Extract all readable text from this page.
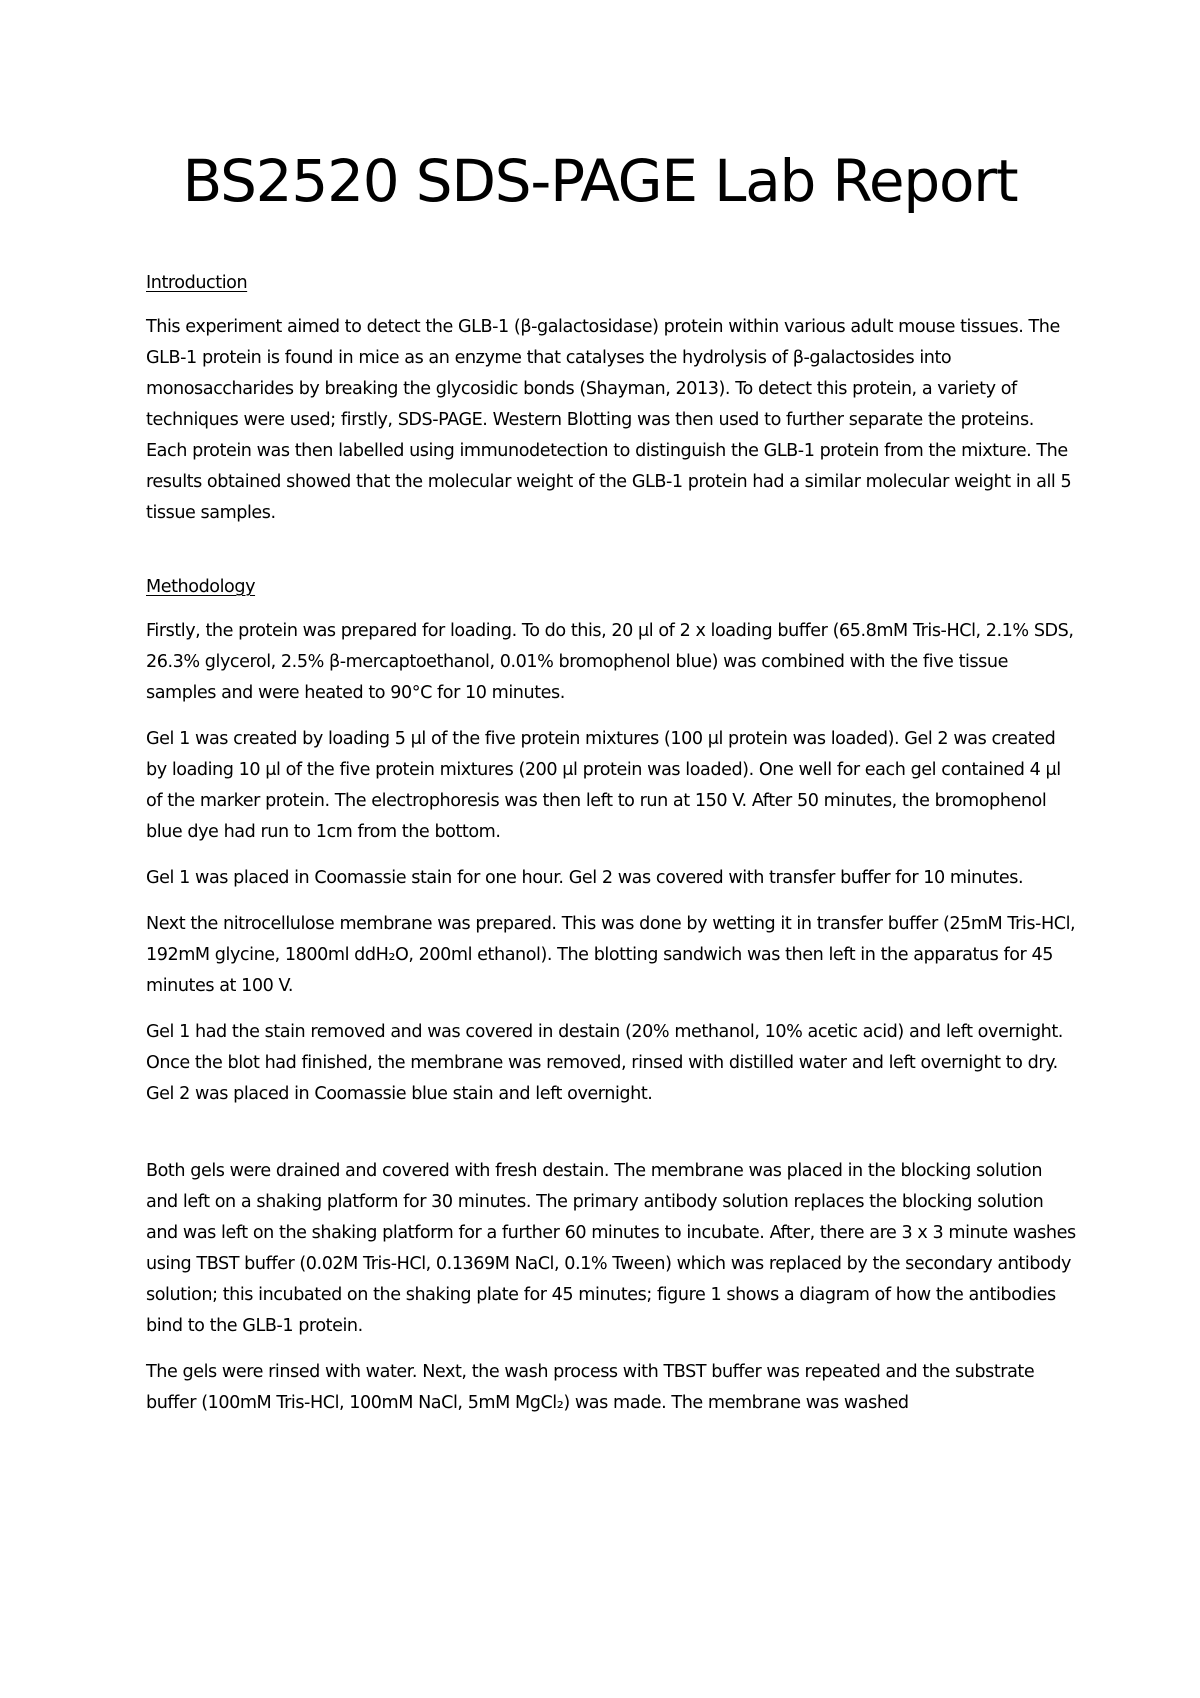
BS2520 SDS-PAGE Lab Report

Introduction

This experiment aimed to detect the GLB-1 (β-galactosidase) protein within various adult mouse tissues. The GLB-1 protein is found in mice as an enzyme that catalyses the hydrolysis of β-galactosides into monosaccharides by breaking the glycosidic bonds (Shayman, 2013). To detect this protein, a variety of techniques were used; firstly, SDS-PAGE. Western Blotting was then used to further separate the proteins. Each protein was then labelled using immunodetection to distinguish the GLB-1 protein from the mixture. The results obtained showed that the molecular weight of the GLB-1 protein had a similar molecular weight in all 5 tissue samples.

Methodology

Firstly, the protein was prepared for loading. To do this, 20 μl of 2 x loading buffer (65.8mM Tris-HCl, 2.1% SDS, 26.3% glycerol, 2.5% β-mercaptoethanol, 0.01% bromophenol blue) was combined with the five tissue samples and were heated to 90°C for 10 minutes.

Gel 1 was created by loading 5 μl of the five protein mixtures (100 μl protein was loaded). Gel 2 was created by loading 10 μl of the five protein mixtures (200 μl protein was loaded). One well for each gel contained 4 μl of the marker protein. The electrophoresis was then left to run at 150 V. After 50 minutes, the bromophenol blue dye had run to 1cm from the bottom.

Gel 1 was placed in Coomassie stain for one hour. Gel 2 was covered with transfer buffer for 10 minutes.

Next the nitrocellulose membrane was prepared. This was done by wetting it in transfer buffer (25mM Tris-HCl, 192mM glycine, 1800ml ddH₂O, 200ml ethanol). The blotting sandwich was then left in the apparatus for 45 minutes at 100 V.

Gel 1 had the stain removed and was covered in destain (20% methanol, 10% acetic acid) and left overnight. Once the blot had finished, the membrane was removed, rinsed with distilled water and left overnight to dry. Gel 2 was placed in Coomassie blue stain and left overnight.

Both gels were drained and covered with fresh destain. The membrane was placed in the blocking solution and left on a shaking platform for 30 minutes. The primary antibody solution replaces the blocking solution and was left on the shaking platform for a further 60 minutes to incubate. After, there are 3 x 3 minute washes using TBST buffer (0.02M Tris-HCl, 0.1369M NaCl, 0.1% Tween) which was replaced by the secondary antibody solution; this incubated on the shaking plate for 45 minutes; figure 1 shows a diagram of how the antibodies bind to the GLB-1 protein.

The gels were rinsed with water. Next, the wash process with TBST buffer was repeated and the substrate buffer (100mM Tris-HCl, 100mM NaCl, 5mM MgCl₂) was made. The membrane was washed
